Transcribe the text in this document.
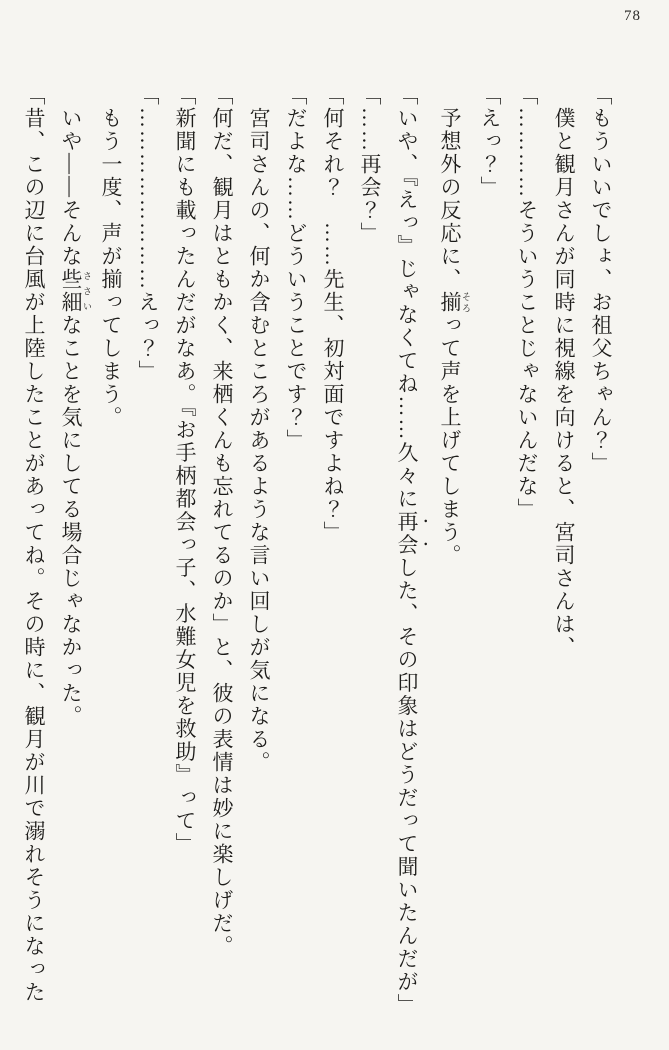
78

「もういいでしょ、お祖父ちゃん？」

僕と観月さんが同時に視線を向けると、宮司さんは、

「…………そういうことじゃないんだな」

「えっ？」

予想外の反応に、揃 そろって声を上げてしまう。

「いや、『えっ』じゃなくてね……久々に再会した、その印象はどうだって聞いたんだが」

「……再会？」

「何それ？　……先生、初対面ですよね？」

「だよな……どういうことです？」

宮司さんの、何か含むところがあるような言い回しが気になる。

「何だ、観月はともかく、来栖くんも忘れてるのか」と、彼の表情は妙に楽しげだ。

「新聞にも載ったんだがなあ。『お手柄都会っ子、水難女児を救助』って」

「……………………えっ？」

もう一度、声が揃ってしまう。

いや――そんな些細 ささいなことを気にしてる場合じゃなかった。

「昔、この辺に台風が上陸したことがあってね。その時に、観月が川で溺れそうになった
